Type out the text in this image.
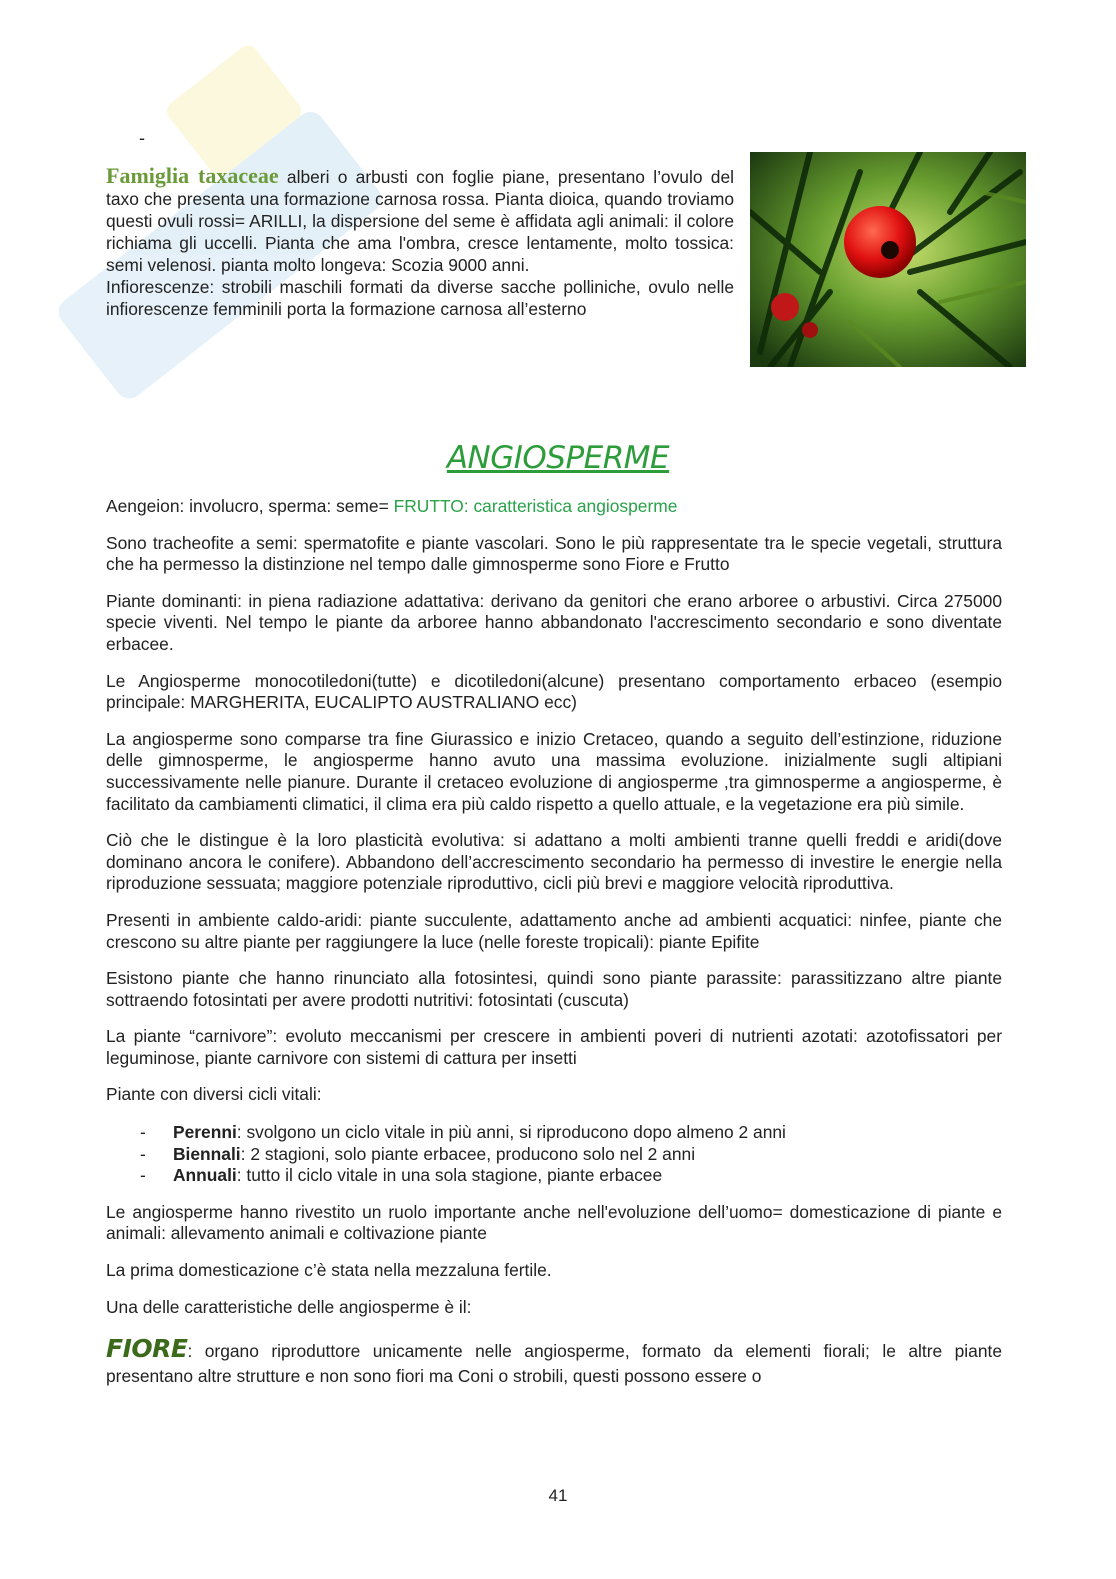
-
Famiglia taxaceae alberi o arbusti con foglie piane, presentano l’ovulo del taxo che presenta una formazione carnosa rossa. Pianta dioica, quando troviamo questi ovuli rossi= ARILLI, la dispersione del seme è affidata agli animali: il colore richiama gli uccelli. Pianta che ama l'ombra, cresce lentamente, molto tossica: semi velenosi. pianta molto longeva: Scozia 9000 anni.
Infiorescenze: strobili maschili formati da diverse sacche polliniche, ovulo nelle infiorescenze femminili porta la formazione carnosa all’esterno
ANGIOSPERME

Aengeion: involucro, sperma: seme= FRUTTO: caratteristica angiosperme

Sono tracheofite a semi: spermatofite e piante vascolari. Sono le più rappresentate tra le specie vegetali, struttura che ha permesso la distinzione nel tempo dalle gimnosperme sono Fiore e Frutto

Piante dominanti: in piena radiazione adattativa: derivano da genitori che erano arboree o arbustivi. Circa 275000 specie viventi. Nel tempo le piante da arboree hanno abbandonato l'accrescimento secondario e sono diventate erbacee.

Le Angiosperme monocotiledoni(tutte) e dicotiledoni(alcune) presentano comportamento erbaceo (esempio principale: MARGHERITA, EUCALIPTO AUSTRALIANO ecc)

La angiosperme sono comparse tra fine Giurassico e inizio Cretaceo, quando a seguito dell’estinzione, riduzione delle gimnosperme, le angiosperme hanno avuto una massima evoluzione. inizialmente sugli altipiani successivamente nelle pianure. Durante il cretaceo evoluzione di angiosperme ,tra gimnosperme a angiosperme, è facilitato da cambiamenti climatici, il clima era più caldo rispetto a quello attuale, e la vegetazione era più simile.

Ciò che le distingue è la loro plasticità evolutiva: si adattano a molti ambienti tranne quelli freddi e aridi(dove dominano ancora le conifere). Abbandono dell’accrescimento secondario ha permesso di investire le energie nella riproduzione sessuata; maggiore potenziale riproduttivo, cicli più brevi e maggiore velocità riproduttiva.

Presenti in ambiente caldo-aridi: piante succulente, adattamento anche ad ambienti acquatici: ninfee, piante che crescono su altre piante per raggiungere la luce (nelle foreste tropicali): piante Epifite

Esistono piante che hanno rinunciato alla fotosintesi, quindi sono piante parassite: parassitizzano altre piante sottraendo fotosintati per avere prodotti nutritivi: fotosintati (cuscuta)

La piante “carnivore”: evoluto meccanismi per crescere in ambienti poveri di nutrienti azotati: azotofissatori per leguminose, piante carnivore con sistemi di cattura per insetti

Piante con diversi cicli vitali:

- Perenni: svolgono un ciclo vitale in più anni, si riproducono dopo almeno 2 anni
- Biennali: 2 stagioni, solo piante erbacee, producono solo nel 2 anni
- Annuali: tutto il ciclo vitale in una sola stagione, piante erbacee

Le angiosperme hanno rivestito un ruolo importante anche nell'evoluzione dell’uomo= domesticazione di piante e animali: allevamento animali e coltivazione piante

La prima domesticazione c’è stata nella mezzaluna fertile.

Una delle caratteristiche delle angiosperme è il:

FIORE: organo riproduttore unicamente nelle angiosperme, formato da elementi fiorali; le altre piante presentano altre strutture e non sono fiori ma Coni o strobili, questi possono essere o

41
